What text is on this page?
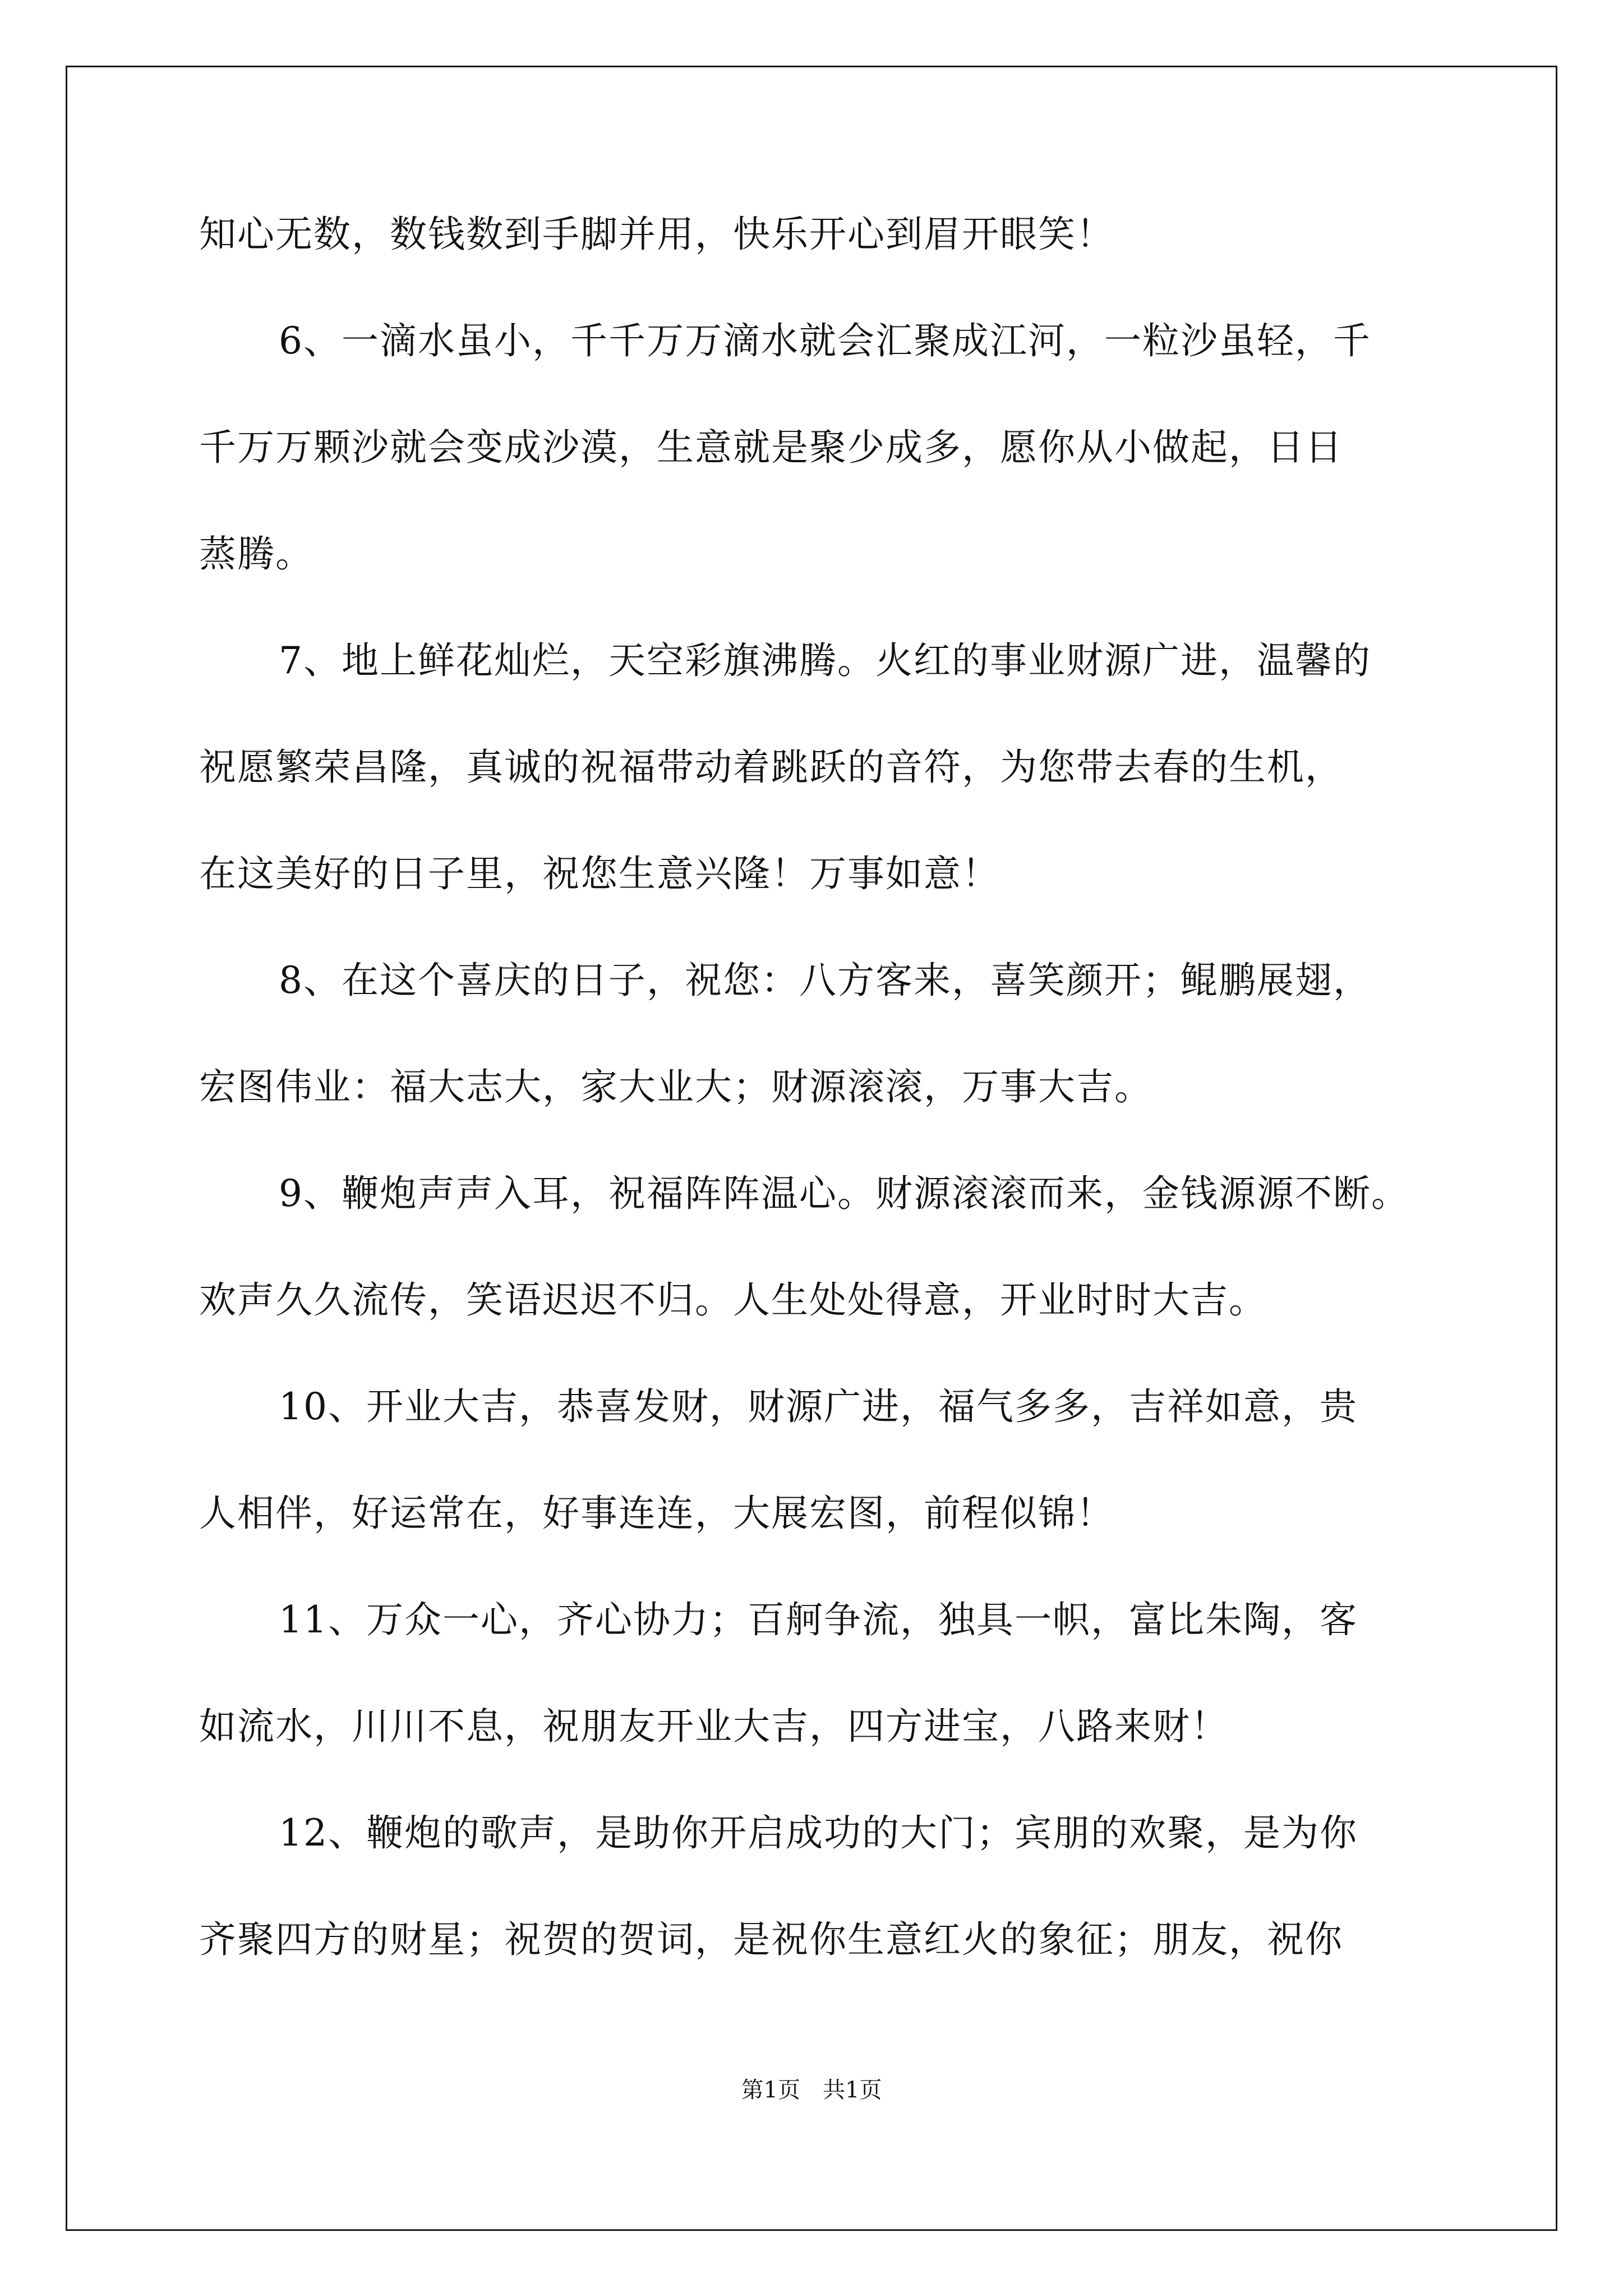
知心无数，数钱数到手脚并用，快乐开心到眉开眼笑！
6、一滴水虽小，千千万万滴水就会汇聚成江河，一粒沙虽轻，千
千万万颗沙就会变成沙漠，生意就是聚少成多，愿你从小做起，日日
蒸腾。
7、地上鲜花灿烂，天空彩旗沸腾。火红的事业财源广进，温馨的
祝愿繁荣昌隆，真诚的祝福带动着跳跃的音符，为您带去春的生机，
在这美好的日子里，祝您生意兴隆！万事如意！
8、在这个喜庆的日子，祝您：八方客来，喜笑颜开；鲲鹏展翅，
宏图伟业：福大志大，家大业大；财源滚滚，万事大吉。
9、鞭炮声声入耳，祝福阵阵温心。财源滚滚而来，金钱源源不断。
欢声久久流传，笑语迟迟不归。人生处处得意，开业时时大吉。
10、开业大吉，恭喜发财，财源广进，福气多多，吉祥如意，贵
人相伴，好运常在，好事连连，大展宏图，前程似锦！
11、万众一心，齐心协力；百舸争流，独具一帜，富比朱陶，客
如流水，川川不息，祝朋友开业大吉，四方进宝，八路来财！
12、鞭炮的歌声，是助你开启成功的大门；宾朋的欢聚，是为你
齐聚四方的财星；祝贺的贺词，是祝你生意红火的象征；朋友，祝你
第1页 共1页
